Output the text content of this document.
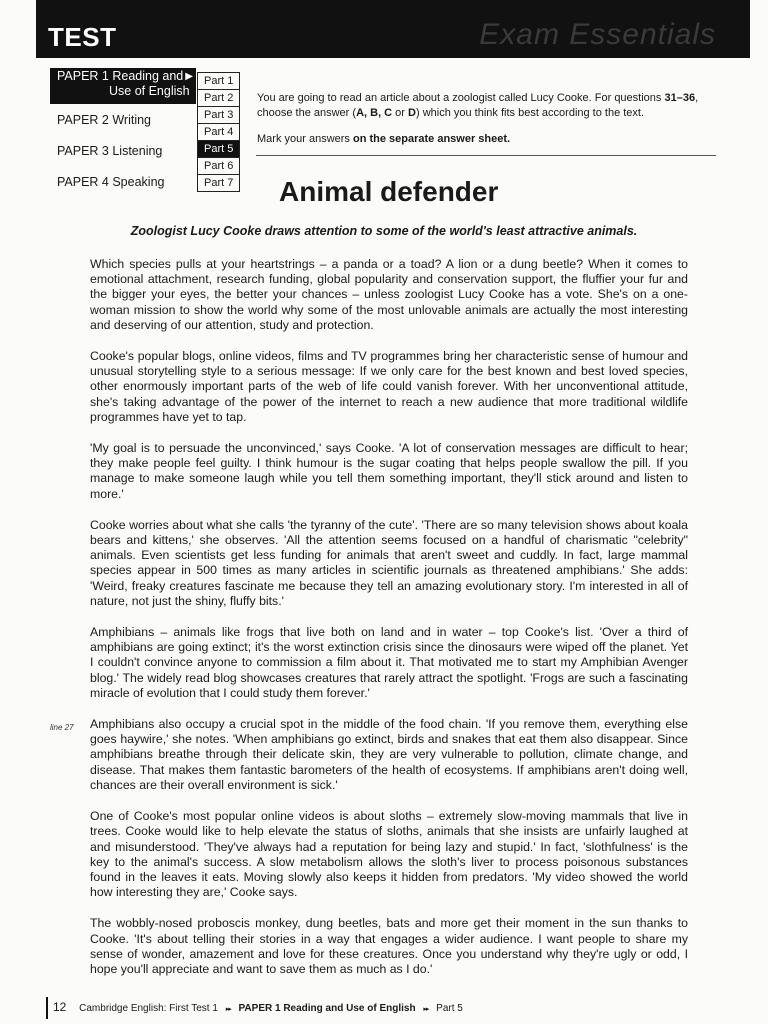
TEST	Exam Essentials
PAPER 1 Reading and ▶
Use of English
PAPER 2 Writing
PAPER 3 Listening
PAPER 4 Speaking
Part 1
Part 2
Part 3
Part 4
Part 5
Part 6
Part 7
You are going to read an article about a zoologist called Lucy Cooke. For questions 31–36, choose the answer (A, B, C or D) which you think fits best according to the text.
Mark your answers on the separate answer sheet.
Animal defender
Zoologist Lucy Cooke draws attention to some of the world's least attractive animals.

Which species pulls at your heartstrings – a panda or a toad? A lion or a dung beetle? When it comes to emotional attachment, research funding, global popularity and conservation support, the fluffier your fur and the bigger your eyes, the better your chances – unless zoologist Lucy Cooke has a vote. She's on a one-woman mission to show the world why some of the most unlovable animals are actually the most interesting and deserving of our attention, study and protection.

Cooke's popular blogs, online videos, films and TV programmes bring her characteristic sense of humour and unusual storytelling style to a serious message: If we only care for the best known and best loved species, other enormously important parts of the web of life could vanish forever. With her unconventional attitude, she's taking advantage of the power of the internet to reach a new audience that more traditional wildlife programmes have yet to tap.

'My goal is to persuade the unconvinced,' says Cooke. 'A lot of conservation messages are difficult to hear; they make people feel guilty. I think humour is the sugar coating that helps people swallow the pill. If you manage to make someone laugh while you tell them something important, they'll stick around and listen to more.'

Cooke worries about what she calls 'the tyranny of the cute'. 'There are so many television shows about koala bears and kittens,' she observes. 'All the attention seems focused on a handful of charismatic "celebrity" animals. Even scientists get less funding for animals that aren't sweet and cuddly. In fact, large mammal species appear in 500 times as many articles in scientific journals as threatened amphibians.' She adds: 'Weird, freaky creatures fascinate me because they tell an amazing evolutionary story. I'm interested in all of nature, not just the shiny, fluffy bits.'

Amphibians – animals like frogs that live both on land and in water – top Cooke's list. 'Over a third of amphibians are going extinct; it's the worst extinction crisis since the dinosaurs were wiped off the planet. Yet I couldn't convince anyone to commission a film about it. That motivated me to start my Amphibian Avenger blog.' The widely read blog showcases creatures that rarely attract the spotlight. 'Frogs are such a fascinating miracle of evolution that I could study them forever.'

Amphibians also occupy a crucial spot in the middle of the food chain. 'If you remove them, everything else goes haywire,' she notes. 'When amphibians go extinct, birds and snakes that eat them also disappear. Since amphibians breathe through their delicate skin, they are very vulnerable to pollution, climate change, and disease. That makes them fantastic barometers of the health of ecosystems. If amphibians aren't doing well, chances are their overall environment is sick.'

One of Cooke's most popular online videos is about sloths – extremely slow-moving mammals that live in trees. Cooke would like to help elevate the status of sloths, animals that she insists are unfairly laughed at and misunderstood. 'They've always had a reputation for being lazy and stupid.' In fact, 'slothfulness' is the key to the animal's success. A slow metabolism allows the sloth's liver to process poisonous substances found in the leaves it eats. Moving slowly also keeps it hidden from predators. 'My video showed the world how interesting they are,' Cooke says.

The wobbly-nosed proboscis monkey, dung beetles, bats and more get their moment in the sun thanks to Cooke. 'It's about telling their stories in a way that engages a wider audience. I want people to share my sense of wonder, amazement and love for these creatures. Once you understand why they're ugly or odd, I hope you'll appreciate and want to save them as much as I do.'

line 27
12 Cambridge English: First Test 1 ▸▸ PAPER 1 Reading and Use of English ▸▸ Part 5
